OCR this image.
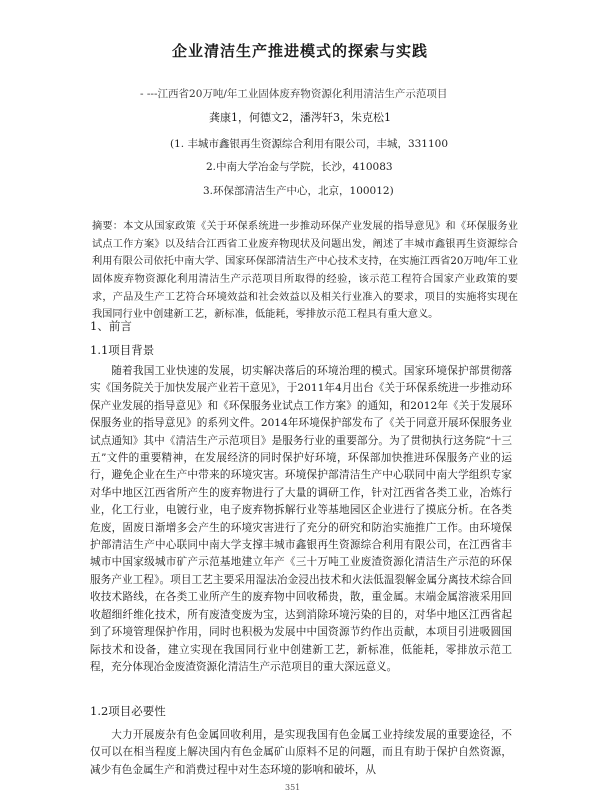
企业清洁生产推进模式的探索与实践
- ---江西省20万吨/年工业固体废弃物资源化利用清洁生产示范项目
龚康1，何德文2，潘涔轩3，朱克松1
(1. 丰城市鑫银再生资源综合利用有限公司，丰城，331100
2.中南大学冶金与学院，长沙，410083
3.环保部清洁生产中心，北京，100012)

摘要：本文从国家政策《关于环保系统进一步推动环保产业发展的指导意见》和《环保服务业试点工作方案》以及结合江西省工业废弃物现状及问题出发，阐述了丰城市鑫银再生资源综合利用有限公司依托中南大学、国家环保部清洁生产中心技术支持，在实施江西省20万吨/年工业固体废弃物资源化利用清洁生产示范项目所取得的经验，该示范工程符合国家产业政策的要求，产品及生产工艺符合环境效益和社会效益以及相关行业准入的要求，项目的实施将实现在我国同行业中创建新工艺，新标准，低能耗，零排放示范工程具有重大意义。

1、前言
1.1项目背景

随着我国工业快速的发展，切实解决落后的环境治理的模式。国家环境保护部贯彻落实《国务院关于加快发展产业若干意见》，于2011年4月出台《关于环保系统进一步推动环保产业发展的指导意见》和《环保服务业试点工作方案》的通知，和2012年《关于发展环保服务业的指导意见》的系列文件。2014年环境保护部发布了《关于同意开展环保服务业试点通知》其中《清洁生产示范项目》是服务行业的重要部分。为了贯彻执行这务院“十三五”文件的重要精神，在发展经济的同时保护好环境，环保部加快推进环保服务产业的运行，避免企业在生产中带来的环境灾害。环境保护部清洁生产中心联同中南大学组织专家对华中地区江西省所产生的废弃物进行了大量的调研工作，针对江西省各类工业，冶炼行业，化工行业，电镀行业，电子废弃物拆解行业等基地园区企业进行了摸底分析。在各类危废，固废日渐增多会产生的环境灾害进行了充分的研究和防治实施推广工作。由环境保护部清洁生产中心联同中南大学支撑丰城市鑫银再生资源综合利用有限公司，在江西省丰城市中国家级城市矿产示范基地建立年产《三十万吨工业废渣资源化清洁生产示范的环保服务产业工程》。项目工艺主要采用湿法冶金浸出技术和火法低温裂解金属分离技术综合回收技术路线，在各类工业所产生的废弃物中回收稀贵，散，重金属。末端金属溶液采用回收超细纤维化技术，所有废渣变废为宝，达到消除环境污染的目的，对华中地区江西省起到了环境管理保护作用，同时也积极为发展中中国资源节约作出贡献，本项目引进吸圆国际技术和设备，建立实现在我国同行业中创建新工艺，新标准，低能耗，零排放示范工程，充分体现冶金废渣资源化清洁生产示范项目的重大深远意义。

1.2项目必要性

大力开展废杂有色金属回收利用，是实现我国有色金属工业持续发展的重要途径，不仅可以在相当程度上解决国内有色金属矿山原料不足的问题，而且有助于保护自然资源，减少有色金属生产和消费过程中对生态环境的影响和破坏，从

351
